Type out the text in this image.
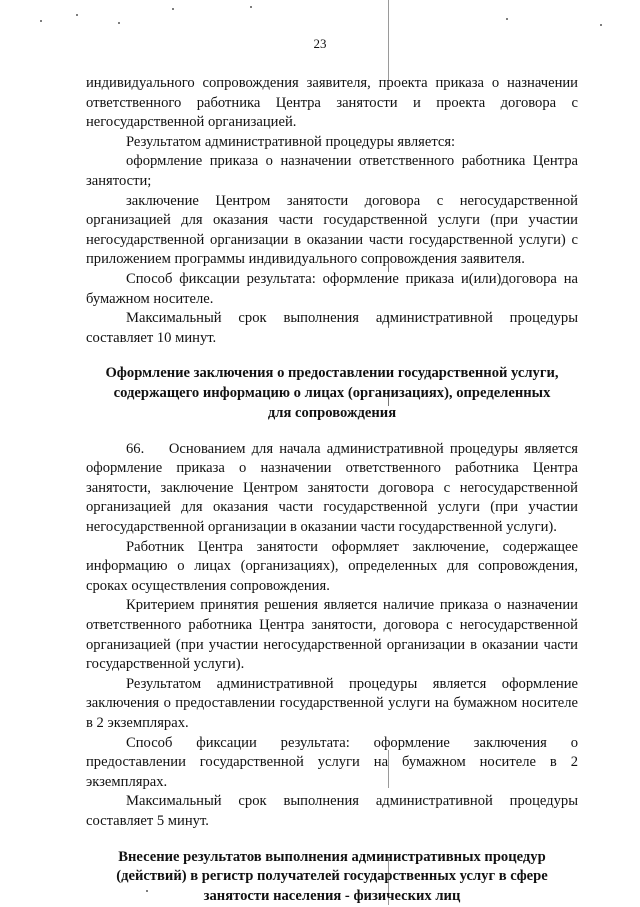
23

индивидуального сопровождения заявителя, проекта приказа о назначении ответственного работника Центра занятости и проекта договора с негосударственной организацией.

Результатом административной процедуры является:

оформление приказа о назначении ответственного работника Центра занятости;

заключение Центром занятости договора с негосударственной организацией для оказания части государственной услуги (при участии негосударственной организации в оказании части государственной услуги) с приложением программы индивидуального сопровождения заявителя.

Способ фиксации результата: оформление приказа и(или)договора на бумажном носителе.

Максимальный срок выполнения административной процедуры составляет 10 минут.

Оформление заключения о предоставлении государственной услуги,
содержащего информацию о лицах (организациях), определенных
для сопровождения

66.    Основанием для начала административной процедуры является оформление приказа о назначении ответственного работника Центра занятости, заключение Центром занятости договора с негосударственной организацией для оказания части государственной услуги (при участии негосударственной организации в оказании части государственной услуги).

Работник Центра занятости оформляет заключение, содержащее информацию о лицах (организациях), определенных для сопровождения, сроках осуществления сопровождения.

Критерием принятия решения является наличие приказа о назначении ответственного работника Центра занятости, договора с негосударственной организацией (при участии негосударственной организации в оказании части государственной услуги).

Результатом административной процедуры является оформление заключения о предоставлении государственной услуги на бумажном носителе в 2 экземплярах.

Способ фиксации результата: оформление заключения о предоставлении государственной услуги на бумажном носителе в 2 экземплярах.

Максимальный срок выполнения административной процедуры составляет 5 минут.

Внесение результатов выполнения административных процедур
(действий) в регистр получателей государственных услуг в сфере
занятости населения - физических лиц
